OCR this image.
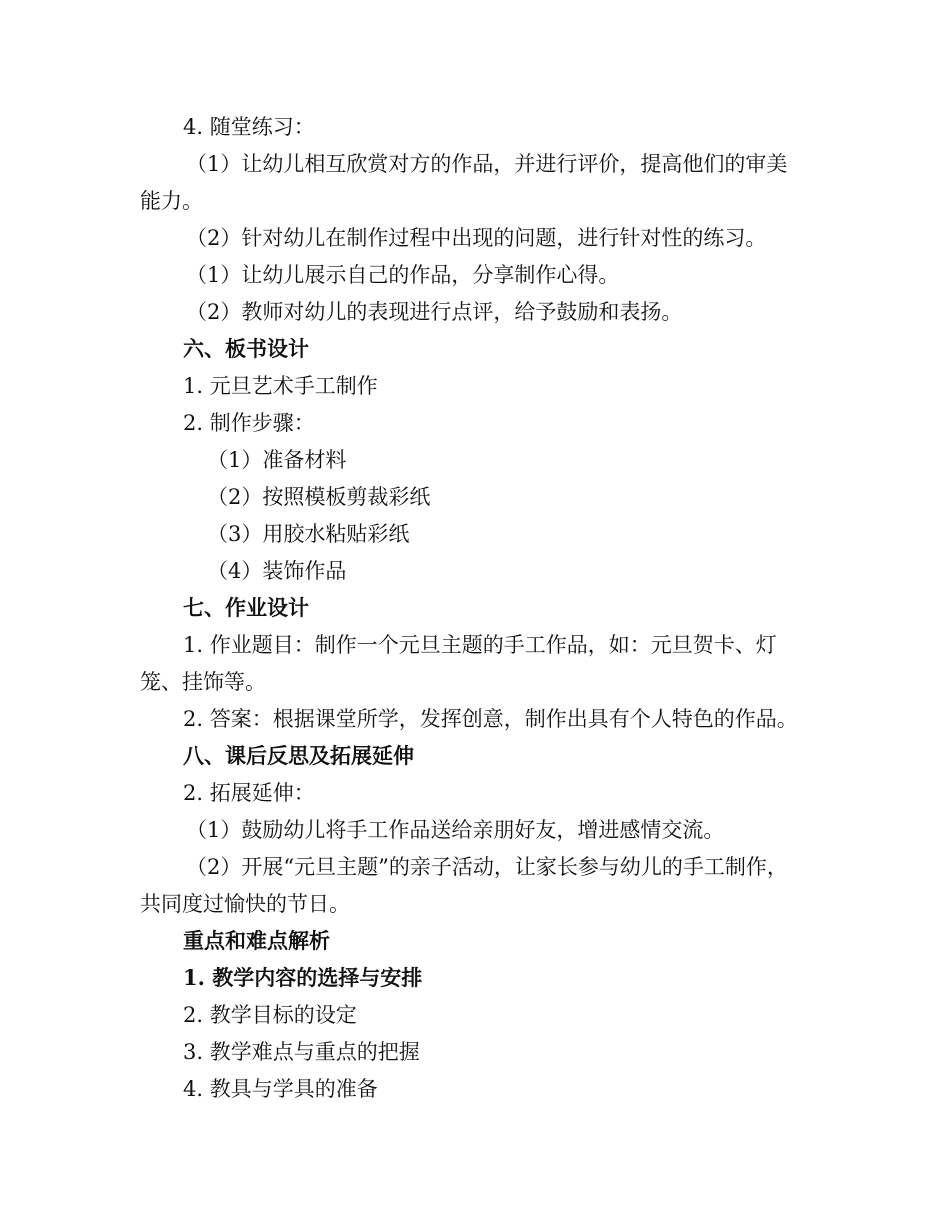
4. 随堂练习：
（1）让幼儿相互欣赏对方的作品，并进行评价，提高他们的审美
能力。
（2）针对幼儿在制作过程中出现的问题，进行针对性的练习。
（1）让幼儿展示自己的作品，分享制作心得。
（2）教师对幼儿的表现进行点评，给予鼓励和表扬。
六、板书设计
1. 元旦艺术手工制作
2. 制作步骤：
（1）准备材料
（2）按照模板剪裁彩纸
（3）用胶水粘贴彩纸
（4）装饰作品
七、作业设计
1. 作业题目：制作一个元旦主题的手工作品，如：元旦贺卡、灯
笼、挂饰等。
2. 答案：根据课堂所学，发挥创意，制作出具有个人特色的作品。
八、课后反思及拓展延伸
2. 拓展延伸：
（1）鼓励幼儿将手工作品送给亲朋好友，增进感情交流。
（2）开展“元旦主题”的亲子活动，让家长参与幼儿的手工制作，
共同度过愉快的节日。
重点和难点解析
1. 教学内容的选择与安排
2. 教学目标的设定
3. 教学难点与重点的把握
4. 教具与学具的准备
